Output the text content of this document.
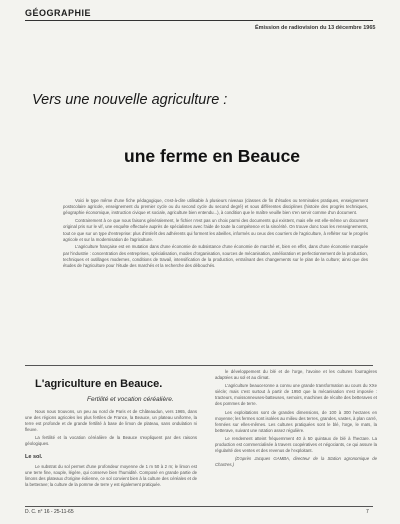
GÉOGRAPHIE
Émission de radiovision du 13 décembre 1965
Vers une nouvelle agriculture :
une ferme en Beauce

Voici le type même d'une fiche pédagogique, c'est-à-dire utilisable à plusieurs niveaux (classes de fin d'études ou terminales pratiques, enseignement postscolaire agricole, enseignement du premier cycle ou du second cycle du second degré) et sous différentes disciplines (histoire des progrès techniques, géographie économique, instruction civique et sociale, agriculture bien entendu...), à condition que le maître veuille bien s'en servir comme d'un document.

Contrairement à ce que nous faisons généralement, le fichier n'est pas un choix parmi des documents qui existent, mais elle est elle-même un document original pris sur le vif, une enquête effectuée auprès de spécialistes avec l'aide de toute la compétence et la sincérité. On trouve donc tous les renseignements, tout ce que sur un type d'entreprise: plus d'intérêt des adhérents qui forment les abeilles, informés ou ceux des courriers de l'agriculture, à refléter sur le progrès agricole et sur la modernisation de l'agriculture.

L'agriculture française est en mutation dans d'une économie de subsistance d'une économie de marché et, bien en effet, dans d'une économie marquée par l'industrie : concentration des entreprises, spécialisation, modes d'organisation, sources de mécanisation, amélioration et perfectionnement de la production, techniques et outillages modernes, conditions de travail, intensification de la production, entraînant des changements sur le plan de la culture; ainsi que des études de l'agriculture pour l'étude des marchés et la recherche des débouchés.

L'agriculture en Beauce.
Fertilité et vocation céréalière.

Nous nous trouvons, un peu au nord de Paris et de Châteaudun, vers 1965, dans une des régions agricoles les plus fertiles de France, la Beauce, un plateau uniforme, la terre est profonde et de grande fertilité à base de limon de plateau, sans ondulation ni fleuve.

La fertilité et la vocation céréalière de la Beauce s'expliquent par des raisons géologiques.

Le sol.

Le substrat du sol permet d'une profondeur moyenne de 1 m 50 à 2 m; le limon est une terre fine, souple, légère, qui conserve bien l'humidité. Composé en grande partie de limons des plateaux d'origine éolienne, ce sol convient bien à la culture des céréales et de la betterave; la culture de la pomme de terre y est également pratiquée.

le développement du blé et de l'orge, l'avoine et les cultures fourragères adaptées au sol et au climat.

L'agriculture beauceronne a connu une grande transformation au cours du XXe siècle; mais c'est surtout à partir de 1950 que la mécanisation s'est imposée : tracteurs, moissonneuses-batteuses, semoirs, machines de récolte des betteraves et des pommes de terre.

Les exploitations sont de grandes dimensions, de 100 à 300 hectares en moyenne; les fermes sont isolées au milieu des terres, grandes, vastes, à plan carré, fermées sur elles-mêmes. Les cultures pratiquées sont le blé, l'orge, le maïs, la betterave, suivant une rotation assez régulière.

Le rendement atteint fréquemment 40 à 50 quintaux de blé à l'hectare. La production est commercialisée à travers coopératives et négociants, ce qui assure la régularité des ventes et des revenus de l'exploitant.

(D'après Jacques GAMBA, directeur de la Station agronomique de Chartres.)

D. C. n° 16 - 25-11-65	7
